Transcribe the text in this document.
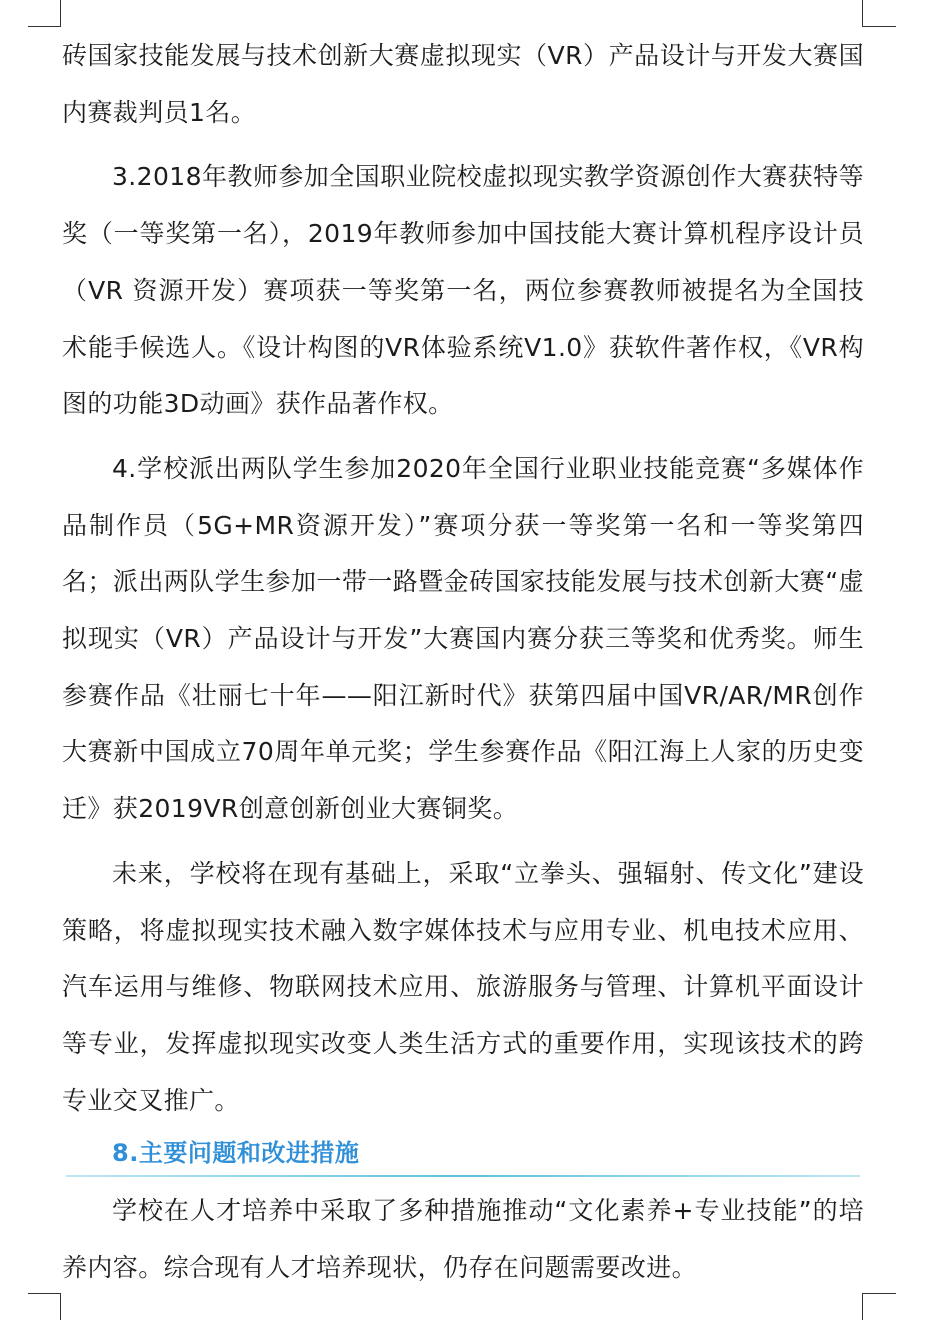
砖国家技能发展与技术创新大赛虚拟现实（VR）产品设计与开发大赛国内赛裁判员1名。

3.2018年教师参加全国职业院校虚拟现实教学资源创作大赛获特等奖（一等奖第一名），2019年教师参加中国技能大赛计算机程序设计员（VR 资源开发）赛项获一等奖第一名，两位参赛教师被提名为全国技术能手候选人。《设计构图的VR体验系统V1.0》获软件著作权，《VR构图的功能3D动画》获作品著作权。

4.学校派出两队学生参加2020年全国行业职业技能竞赛“多媒体作品制作员（5G+MR资源开发）”赛项分获一等奖第一名和一等奖第四名；派出两队学生参加一带一路暨金砖国家技能发展与技术创新大赛“虚拟现实（VR）产品设计与开发”大赛国内赛分获三等奖和优秀奖。师生参赛作品《壮丽七十年——阳江新时代》获第四届中国VR/AR/MR创作大赛新中国成立70周年单元奖；学生参赛作品《阳江海上人家的历史变迁》获2019VR创意创新创业大赛铜奖。

未来，学校将在现有基础上，采取“立拳头、强辐射、传文化”建设策略，将虚拟现实技术融入数字媒体技术与应用专业、机电技术应用、汽车运用与维修、物联网技术应用、旅游服务与管理、计算机平面设计等专业，发挥虚拟现实改变人类生活方式的重要作用，实现该技术的跨专业交叉推广。

8.主要问题和改进措施

学校在人才培养中采取了多种措施推动“文化素养+专业技能”的培养内容。综合现有人才培养现状，仍存在问题需要改进。
